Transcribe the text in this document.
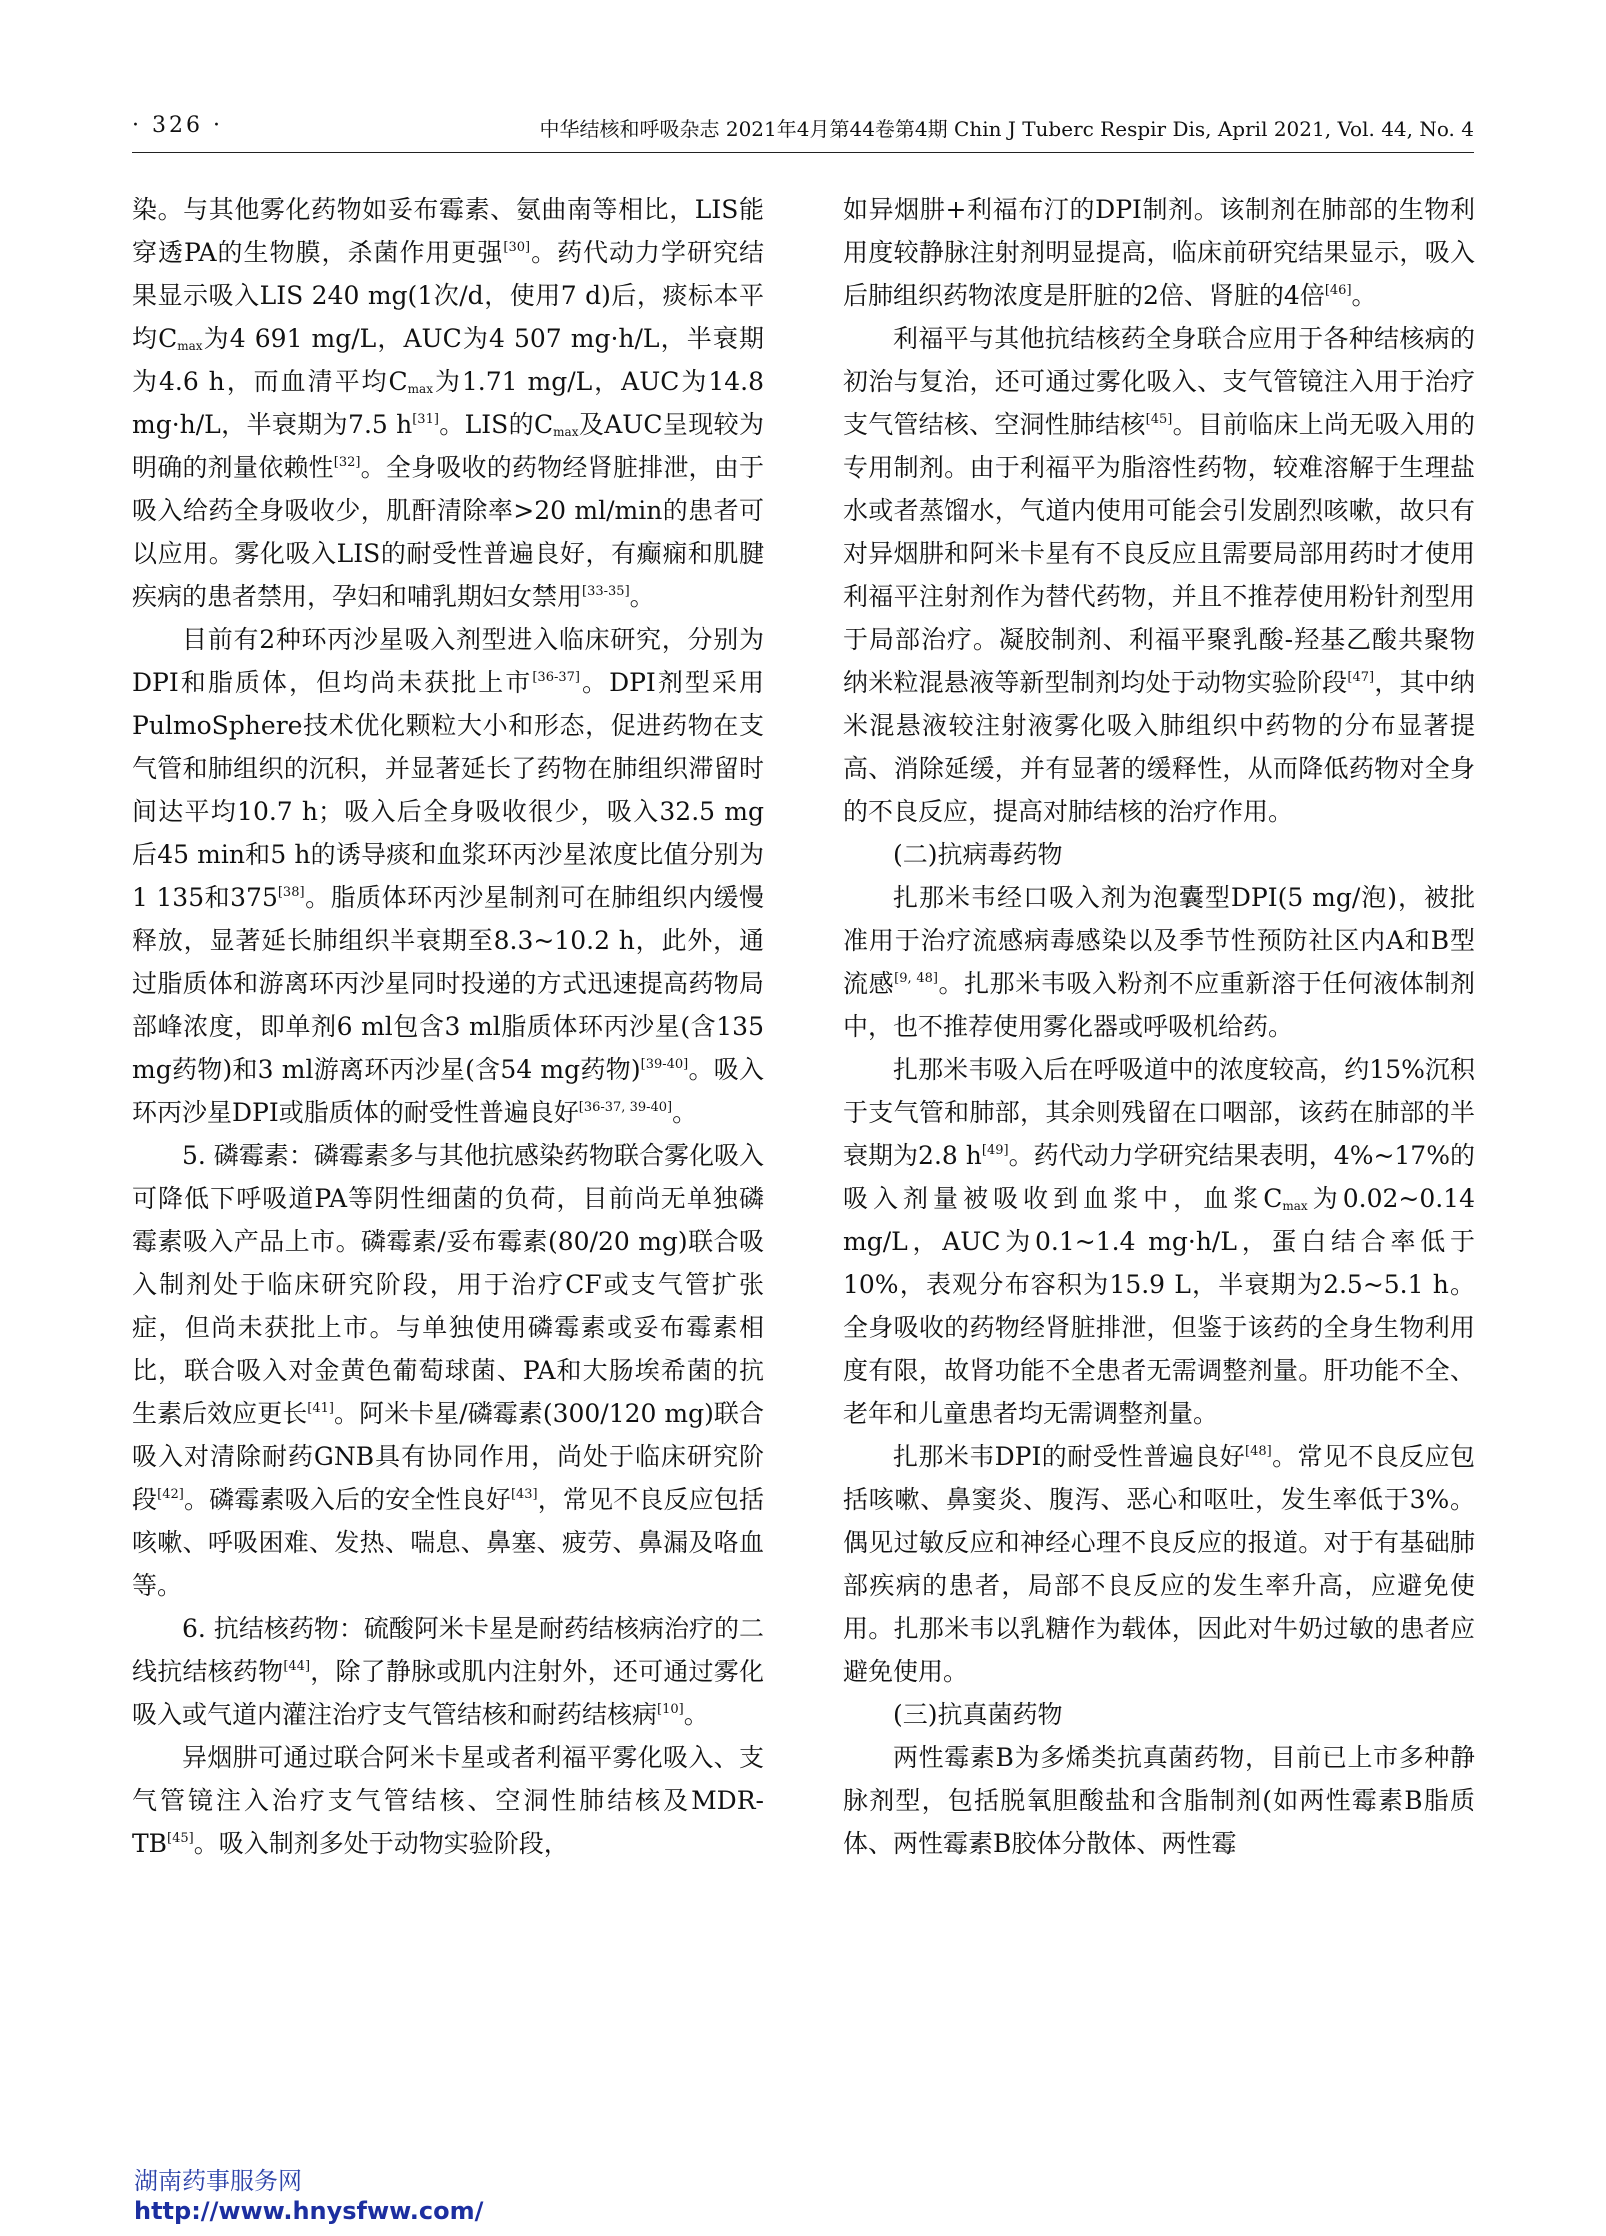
· 326 ·	中华结核和呼吸杂志 2021年4月第44卷第4期 Chin J Tuberc Respir Dis, April 2021, Vol. 44, No. 4

染。与其他雾化药物如妥布霉素、氨曲南等相比，LIS能穿透PA的生物膜，杀菌作用更强[30]。药代动力学研究结果显示吸入LIS 240 mg(1次/d，使用7 d)后，痰标本平均$C_{max}$为4 691 mg/L，AUC为4 507 mg·h/L，半衰期为4.6 h，而血清平均$C_{max}$为1.71 mg/L，AUC为14.8 mg·h/L，半衰期为7.5 h[31]。LIS的$C_{max}$及AUC呈现较为明确的剂量依赖性[32]。全身吸收的药物经肾脏排泄，由于吸入给药全身吸收少，肌酐清除率>20 ml/min的患者可以应用。雾化吸入LIS的耐受性普遍良好，有癫痫和肌腱疾病的患者禁用，孕妇和哺乳期妇女禁用[33-35]。

目前有2种环丙沙星吸入剂型进入临床研究，分别为DPI和脂质体，但均尚未获批上市[36-37]。DPI剂型采用PulmoSphere技术优化颗粒大小和形态，促进药物在支气管和肺组织的沉积，并显著延长了药物在肺组织滞留时间达平均10.7 h；吸入后全身吸收很少，吸入32.5 mg后45 min和5 h的诱导痰和血浆环丙沙星浓度比值分别为1 135和375[38]。脂质体环丙沙星制剂可在肺组织内缓慢释放，显著延长肺组织半衰期至8.3~10.2 h，此外，通过脂质体和游离环丙沙星同时投递的方式迅速提高药物局部峰浓度，即单剂6 ml包含3 ml脂质体环丙沙星(含135 mg药物)和3 ml游离环丙沙星(含54 mg药物)[39-40]。吸入环丙沙星DPI或脂质体的耐受性普遍良好[36-37, 39-40]。

5. 磷霉素：磷霉素多与其他抗感染药物联合雾化吸入可降低下呼吸道PA等阴性细菌的负荷，目前尚无单独磷霉素吸入产品上市。磷霉素/妥布霉素(80/20 mg)联合吸入制剂处于临床研究阶段，用于治疗CF或支气管扩张症，但尚未获批上市。与单独使用磷霉素或妥布霉素相比，联合吸入对金黄色葡萄球菌、PA和大肠埃希菌的抗生素后效应更长[41]。阿米卡星/磷霉素(300/120 mg)联合吸入对清除耐药GNB具有协同作用，尚处于临床研究阶段[42]。磷霉素吸入后的安全性良好[43]，常见不良反应包括咳嗽、呼吸困难、发热、喘息、鼻塞、疲劳、鼻漏及咯血等。

6. 抗结核药物：硫酸阿米卡星是耐药结核病治疗的二线抗结核药物[44]，除了静脉或肌内注射外，还可通过雾化吸入或气道内灌注治疗支气管结核和耐药结核病[10]。

异烟肼可通过联合阿米卡星或者利福平雾化吸入、支气管镜注入治疗支气管结核、空洞性肺结核及MDR-TB[45]。吸入制剂多处于动物实验阶段，

如异烟肼+利福布汀的DPI制剂。该制剂在肺部的生物利用度较静脉注射剂明显提高，临床前研究结果显示，吸入后肺组织药物浓度是肝脏的2倍、肾脏的4倍[46]。

利福平与其他抗结核药全身联合应用于各种结核病的初治与复治，还可通过雾化吸入、支气管镜注入用于治疗支气管结核、空洞性肺结核[45]。目前临床上尚无吸入用的专用制剂。由于利福平为脂溶性药物，较难溶解于生理盐水或者蒸馏水，气道内使用可能会引发剧烈咳嗽，故只有对异烟肼和阿米卡星有不良反应且需要局部用药时才使用利福平注射剂作为替代药物，并且不推荐使用粉针剂型用于局部治疗。凝胶制剂、利福平聚乳酸-羟基乙酸共聚物纳米粒混悬液等新型制剂均处于动物实验阶段[47]，其中纳米混悬液较注射液雾化吸入肺组织中药物的分布显著提高、消除延缓，并有显著的缓释性，从而降低药物对全身的不良反应，提高对肺结核的治疗作用。

(二)抗病毒药物

扎那米韦经口吸入剂为泡囊型DPI(5 mg/泡)，被批准用于治疗流感病毒感染以及季节性预防社区内A和B型流感[9, 48]。扎那米韦吸入粉剂不应重新溶于任何液体制剂中，也不推荐使用雾化器或呼吸机给药。

扎那米韦吸入后在呼吸道中的浓度较高，约15%沉积于支气管和肺部，其余则残留在口咽部，该药在肺部的半衰期为2.8 h[49]。药代动力学研究结果表明，4%~17%的吸入剂量被吸收到血浆中，血浆$C_{max}$为0.02~0.14 mg/L，AUC为0.1~1.4 mg·h/L，蛋白结合率低于10%，表观分布容积为15.9 L，半衰期为2.5~5.1 h。全身吸收的药物经肾脏排泄，但鉴于该药的全身生物利用度有限，故肾功能不全患者无需调整剂量。肝功能不全、老年和儿童患者均无需调整剂量。

扎那米韦DPI的耐受性普遍良好[48]。常见不良反应包括咳嗽、鼻窦炎、腹泻、恶心和呕吐，发生率低于3%。偶见过敏反应和神经心理不良反应的报道。对于有基础肺部疾病的患者，局部不良反应的发生率升高，应避免使用。扎那米韦以乳糖作为载体，因此对牛奶过敏的患者应避免使用。

(三)抗真菌药物

两性霉素B为多烯类抗真菌药物，目前已上市多种静脉剂型，包括脱氧胆酸盐和含脂制剂(如两性霉素B脂质体、两性霉素B胶体分散体、两性霉

湖南药事服务网
http://www.hnysfww.com/
